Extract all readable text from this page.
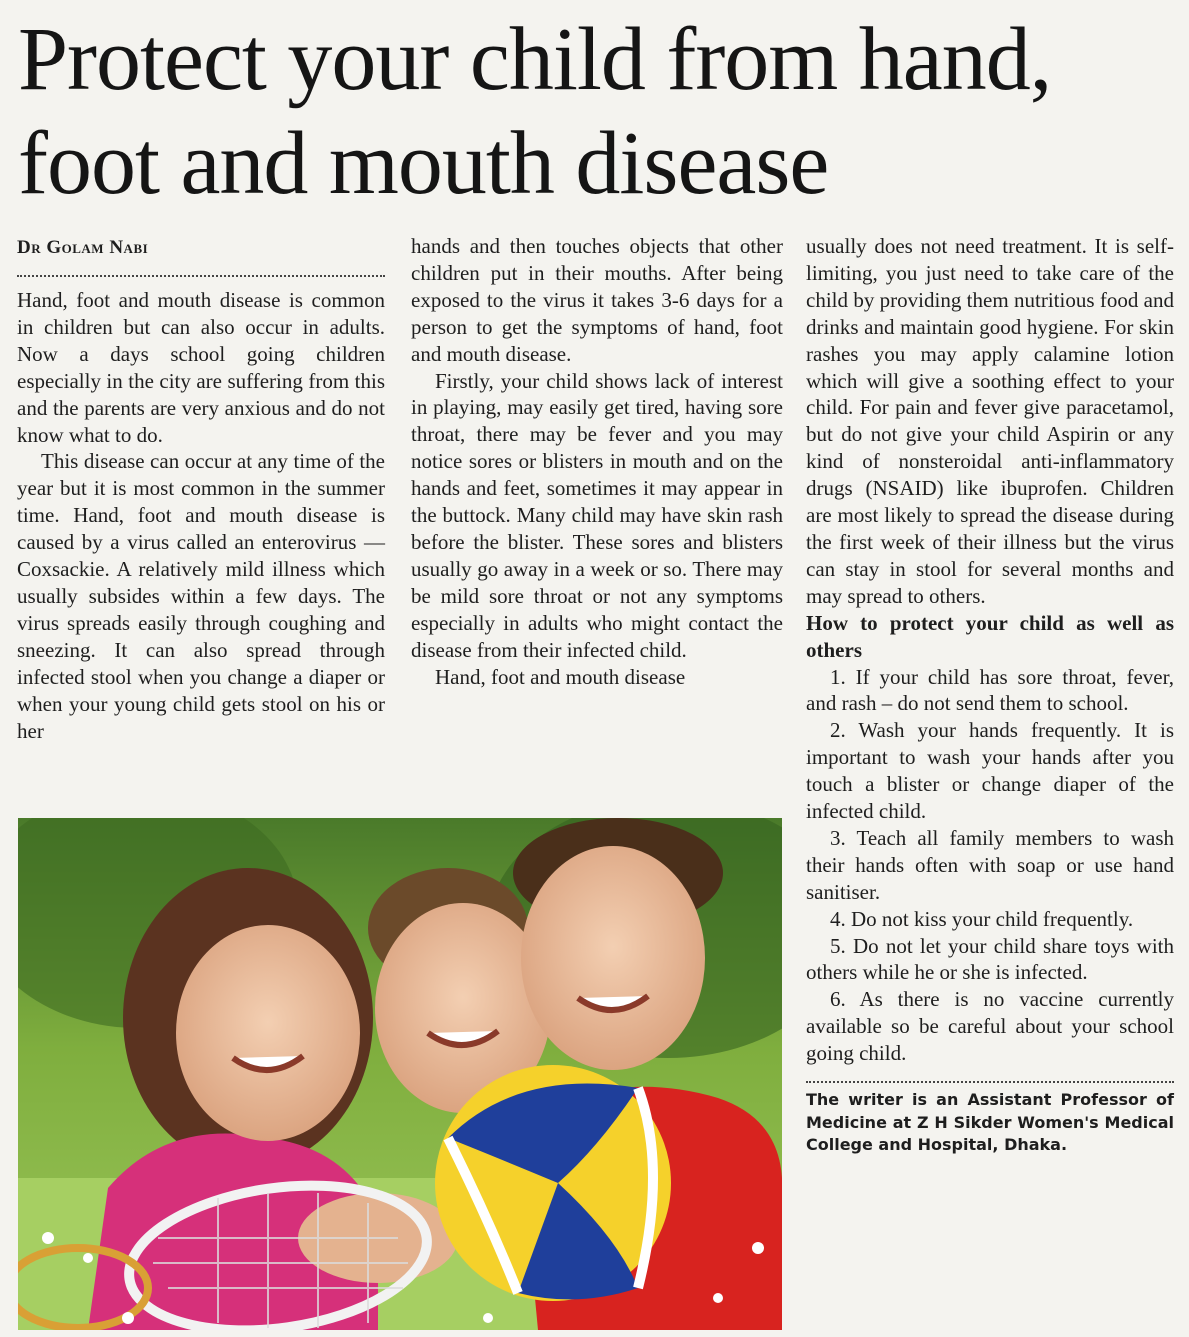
Protect your child from hand,
foot and mouth disease

Dr Golam Nabi

Hand, foot and mouth disease is common in children but can also occur in adults. Now a days school going children especially in the city are suffering from this and the parents are very anxious and do not know what to do.

This disease can occur at any time of the year but it is most common in the summer time. Hand, foot and mouth disease is caused by a virus called an enterovirus — Coxsackie. A relatively mild illness which usually subsides within a few days. The virus spreads easily through coughing and sneezing. It can also spread through infected stool when you change a diaper or when your young child gets stool on his or her

hands and then touches objects that other children put in their mouths. After being exposed to the virus it takes 3-6 days for a person to get the symptoms of hand, foot and mouth disease.

Firstly, your child shows lack of interest in playing, may easily get tired, having sore throat, there may be fever and you may notice sores or blisters in mouth and on the hands and feet, sometimes it may appear in the buttock. Many child may have skin rash before the blister. These sores and blisters usually go away in a week or so. There may be mild sore throat or not any symptoms especially in adults who might contact the disease from their infected child.

Hand, foot and mouth disease

usually does not need treatment. It is self-limiting, you just need to take care of the child by providing them nutritious food and drinks and maintain good hygiene. For skin rashes you may apply calamine lotion which will give a soothing effect to your child. For pain and fever give paracetamol, but do not give your child Aspirin or any kind of nonsteroidal anti-inflammatory drugs (NSAID) like ibuprofen. Children are most likely to spread the disease during the first week of their illness but the virus can stay in stool for several months and may spread to others.

How to protect your child as well as others

1. If your child has sore throat, fever, and rash – do not send them to school.

2. Wash your hands frequently. It is important to wash your hands after you touch a blister or change diaper of the infected child.

3. Teach all family members to wash their hands often with soap or use hand sanitiser.

4. Do not kiss your child frequently.

5. Do not let your child share toys with others while he or she is infected.

6. As there is no vaccine currently available so be careful about your school going child.

The writer is an Assistant Professor of Medicine at Z H Sikder Women's Medical College and Hospital, Dhaka.
